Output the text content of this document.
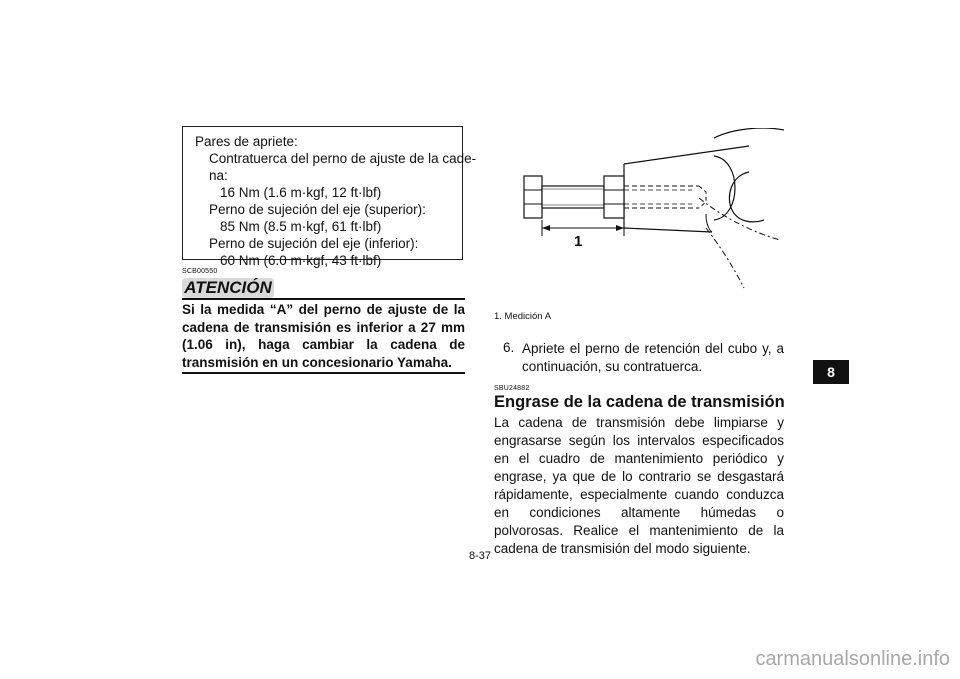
Pares de apriete:
Contratuerca del perno de ajuste de la cade-
na:
16 Nm (1.6 m·kgf, 12 ft·lbf)
Perno de sujeción del eje (superior):
85 Nm (8.5 m·kgf, 61 ft·lbf)
Perno de sujeción del eje (inferior):
60 Nm (6.0 m·kgf, 43 ft·lbf)
SCB00550
ATENCIÓN
Si la medida “A” del perno de ajuste de la cadena de transmisión es inferior a 27 mm (1.06 in), haga cambiar la cadena de transmisión en un concesionario Yamaha.
1
1. Medición A
6. Apriete el perno de retención del cubo y, a continuación, su contratuerca.
SBU24882
Engrase de la cadena de transmisión
La cadena de transmisión debe limpiarse y engrasarse según los intervalos especificados en el cuadro de mantenimiento periódico y engrase, ya que de lo contrario se desgastará rápidamente, especialmente cuando conduzca en condiciones altamente húmedas o polvorosas. Realice el mantenimiento de la cadena de transmisión del modo siguiente.
8
8-37
carmanualsonline.info
